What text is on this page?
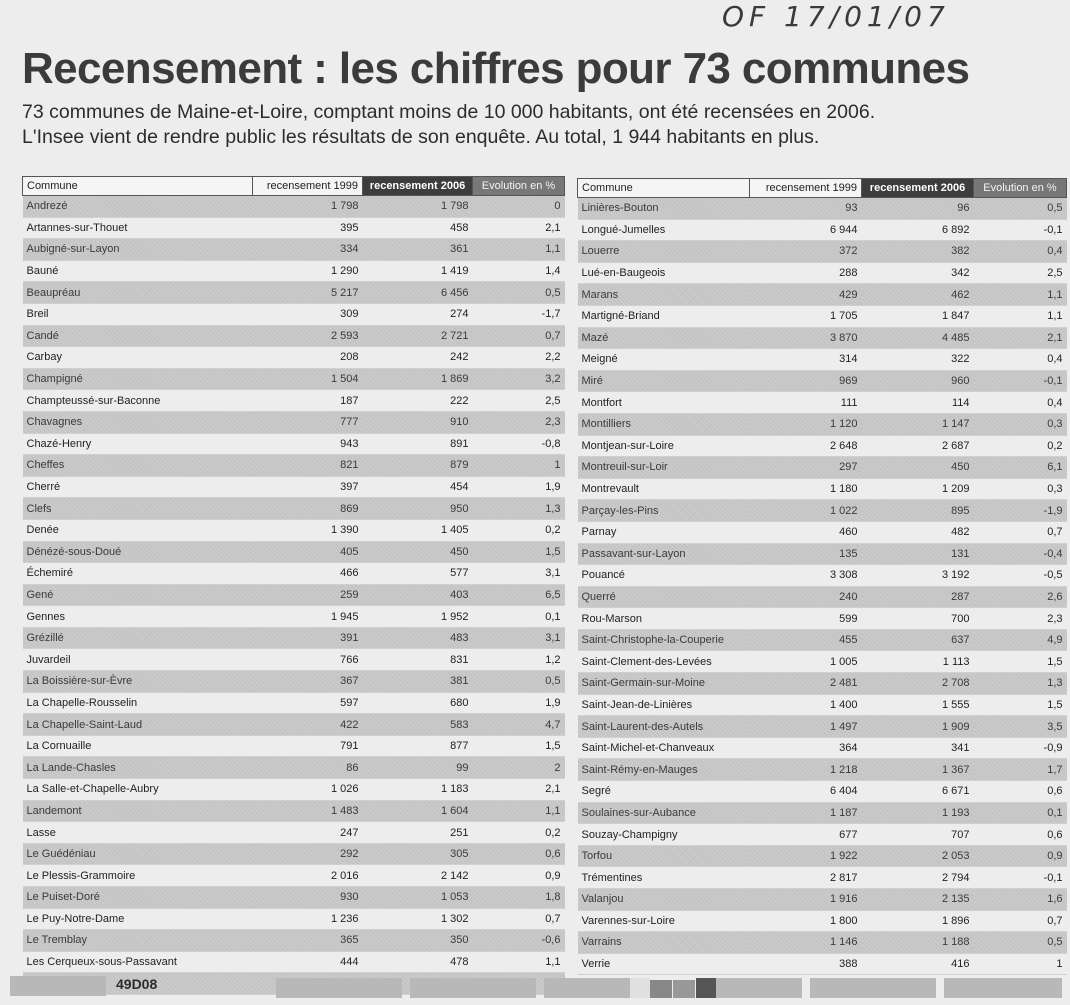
OF 17/01/07
Recensement : les chiffres pour 73 communes
73 communes de Maine-et-Loire, comptant moins de 10 000 habitants, ont été recensées en 2006.
L'Insee vient de rendre public les résultats de son enquête. Au total, 1 944 habitants en plus.
Commune	recensement 1999	recensement 2006	Evolution en %
Andrezé	1 798	1 798	0
Artannes-sur-Thouet	395	458	2,1
Aubigné-sur-Layon	334	361	1,1
Bauné	1 290	1 419	1,4
Beaupréau	5 217	6 456	0,5
Breil	309	274	-1,7
Candé	2 593	2 721	0,7
Carbay	208	242	2,2
Champigné	1 504	1 869	3,2
Champteussé-sur-Baconne	187	222	2,5
Chavagnes	777	910	2,3
Chazé-Henry	943	891	-0,8
Cheffes	821	879	1
Cherré	397	454	1,9
Clefs	869	950	1,3
Denée	1 390	1 405	0,2
Dénézé-sous-Doué	405	450	1,5
Échemiré	466	577	3,1
Gené	259	403	6,5
Gennes	1 945	1 952	0,1
Grézillé	391	483	3,1
Juvardeil	766	831	1,2
La Boissière-sur-Èvre	367	381	0,5
La Chapelle-Rousselin	597	680	1,9
La Chapelle-Saint-Laud	422	583	4,7
La Cornuaille	791	877	1,5
La Lande-Chasles	86	99	2
La Salle-et-Chapelle-Aubry	1 026	1 183	2,1
Landemont	1 483	1 604	1,1
Lasse	247	251	0,2
Le Guédéniau	292	305	0,6
Le Plessis-Grammoire	2 016	2 142	0,9
Le Puiset-Doré	930	1 053	1,8
Le Puy-Notre-Dame	1 236	1 302	0,7
Le Tremblay	365	350	-0,6
Les Cerqueux-sous-Passavant	444	478	1,1

Commune	recensement 1999	recensement 2006	Evolution en %
Linières-Bouton	93	96	0,5
Longué-Jumelles	6 944	6 892	-0,1
Louerre	372	382	0,4
Lué-en-Baugeois	288	342	2,5
Marans	429	462	1,1
Martigné-Briand	1 705	1 847	1,1
Mazé	3 870	4 485	2,1
Meigné	314	322	0,4
Miré	969	960	-0,1
Montfort	111	114	0,4
Montilliers	1 120	1 147	0,3
Montjean-sur-Loire	2 648	2 687	0,2
Montreuil-sur-Loir	297	450	6,1
Montrevault	1 180	1 209	0,3
Parçay-les-Pins	1 022	895	-1,9
Parnay	460	482	0,7
Passavant-sur-Layon	135	131	-0,4
Pouancé	3 308	3 192	-0,5
Querré	240	287	2,6
Rou-Marson	599	700	2,3
Saint-Christophe-la-Couperie	455	637	4,9
Saint-Clement-des-Levées	1 005	1 113	1,5
Saint-Germain-sur-Moine	2 481	2 708	1,3
Saint-Jean-de-Linières	1 400	1 555	1,5
Saint-Laurent-des-Autels	1 497	1 909	3,5
Saint-Michel-et-Chanveaux	364	341	-0,9
Saint-Rémy-en-Mauges	1 218	1 367	1,7
Segré	6 404	6 671	0,6
Soulaines-sur-Aubance	1 187	1 193	0,1
Souzay-Champigny	677	707	0,6
Torfou	1 922	2 053	0,9
Trémentines	2 817	2 794	-0,1
Valanjou	1 916	2 135	1,6
Varennes-sur-Loire	1 800	1 896	0,7
Varrains	1 146	1 188	0,5
Verrie	388	416	1
49D08
